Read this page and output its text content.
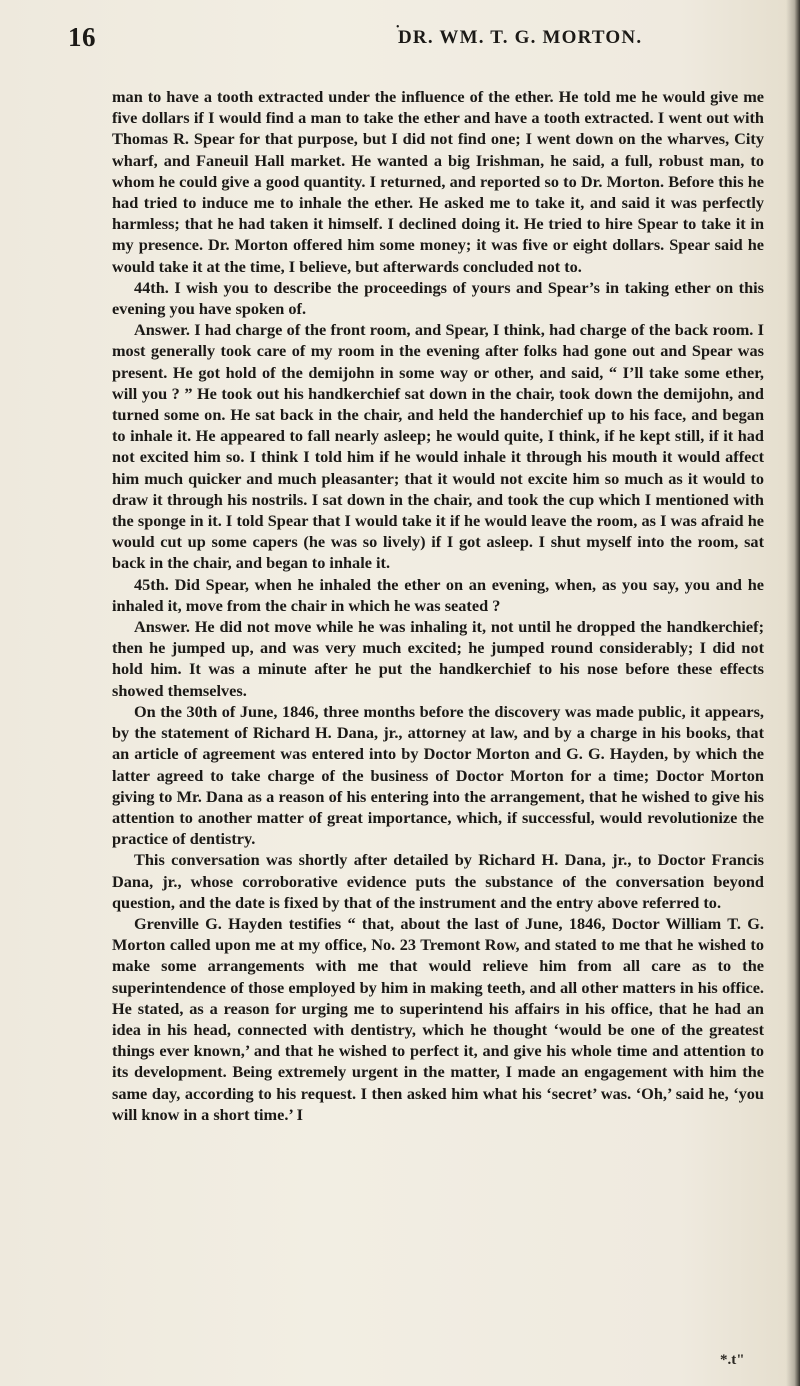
•
16	DR. WM. T. G. MORTON.

man to have a tooth extracted under the influence of the ether. He told me he would give me five dollars if I would find a man to take the ether and have a tooth extracted. I went out with Thomas R. Spear for that purpose, but I did not find one; I went down on the wharves, City wharf, and Faneuil Hall market. He wanted a big Irishman, he said, a full, robust man, to whom he could give a good quantity. I returned, and reported so to Dr. Morton. Before this he had tried to induce me to inhale the ether. He asked me to take it, and said it was perfectly harmless; that he had taken it himself. I declined doing it. He tried to hire Spear to take it in my presence. Dr. Morton offered him some money; it was five or eight dollars. Spear said he would take it at the time, I believe, but afterwards concluded not to.

44th. I wish you to describe the proceedings of yours and Spear’s in taking ether on this evening you have spoken of.

Answer. I had charge of the front room, and Spear, I think, had charge of the back room. I most generally took care of my room in the evening after folks had gone out and Spear was present. He got hold of the demijohn in some way or other, and said, “ I’ll take some ether, will you ? ” He took out his handkerchief sat down in the chair, took down the demijohn, and turned some on. He sat back in the chair, and held the handerchief up to his face, and began to inhale it. He appeared to fall nearly asleep; he would quite, I think, if he kept still, if it had not excited him so. I think I told him if he would inhale it through his mouth it would affect him much quicker and much pleasanter; that it would not excite him so much as it would to draw it through his nostrils. I sat down in the chair, and took the cup which I mentioned with the sponge in it. I told Spear that I would take it if he would leave the room, as I was afraid he would cut up some capers (he was so lively) if I got asleep. I shut myself into the room, sat back in the chair, and began to inhale it.

45th. Did Spear, when he inhaled the ether on an evening, when, as you say, you and he inhaled it, move from the chair in which he was seated ?

Answer. He did not move while he was inhaling it, not until he dropped the handkerchief; then he jumped up, and was very much excited; he jumped round considerably; I did not hold him. It was a minute after he put the handkerchief to his nose before these effects showed themselves.

On the 30th of June, 1846, three months before the discovery was made public, it appears, by the statement of Richard H. Dana, jr., attorney at law, and by a charge in his books, that an article of agreement was entered into by Doctor Morton and G. G. Hayden, by which the latter agreed to take charge of the business of Doctor Morton for a time; Doctor Morton giving to Mr. Dana as a reason of his entering into the arrangement, that he wished to give his attention to another matter of great importance, which, if successful, would revolutionize the practice of dentistry.

This conversation was shortly after detailed by Richard H. Dana, jr., to Doctor Francis Dana, jr., whose corroborative evidence puts the substance of the conversation beyond question, and the date is fixed by that of the instrument and the entry above referred to.

Grenville G. Hayden testifies “ that, about the last of June, 1846, Doctor William T. G. Morton called upon me at my office, No. 23 Tremont Row, and stated to me that he wished to make some arrangements with me that would relieve him from all care as to the superintendence of those employed by him in making teeth, and all other matters in his office. He stated, as a reason for urging me to superintend his affairs in his office, that he had an idea in his head, connected with dentistry, which he thought ‘would be one of the greatest things ever known,’ and that he wished to perfect it, and give his whole time and attention to its development. Being extremely urgent in the matter, I made an engagement with him the same day, according to his request. I then asked him what his ‘secret’ was. ‘Oh,’ said he, ‘you will know in a short time.’ I

*.t"
